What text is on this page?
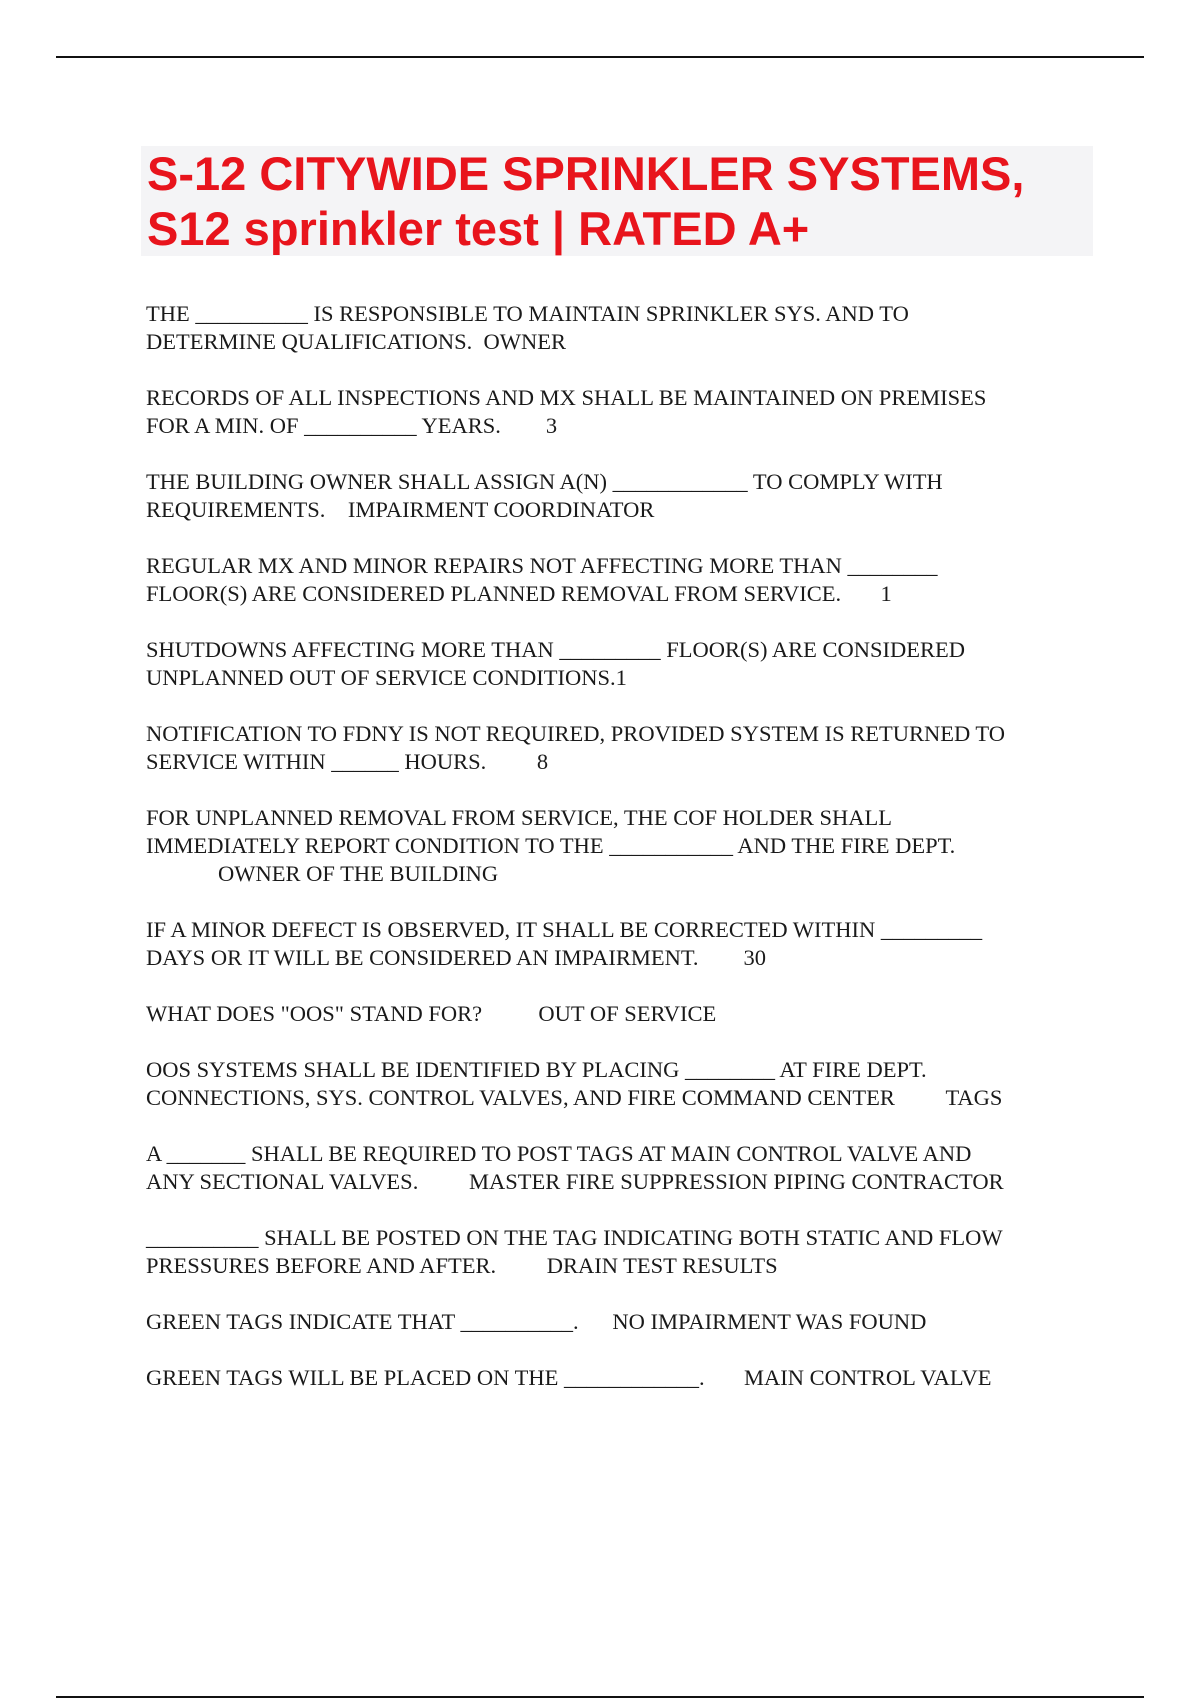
S-12 CITYWIDE SPRINKLER SYSTEMS,
S12 sprinkler test | RATED A+
THE __________ IS RESPONSIBLE TO MAINTAIN SPRINKLER SYS. AND TO
DETERMINE QUALIFICATIONS.  OWNER
RECORDS OF ALL INSPECTIONS AND MX SHALL BE MAINTAINED ON PREMISES
FOR A MIN. OF __________ YEARS.        3
THE BUILDING OWNER SHALL ASSIGN A(N) ____________ TO COMPLY WITH
REQUIREMENTS.    IMPAIRMENT COORDINATOR
REGULAR MX AND MINOR REPAIRS NOT AFFECTING MORE THAN ________
FLOOR(S) ARE CONSIDERED PLANNED REMOVAL FROM SERVICE.       1
SHUTDOWNS AFFECTING MORE THAN _________ FLOOR(S) ARE CONSIDERED
UNPLANNED OUT OF SERVICE CONDITIONS.1
NOTIFICATION TO FDNY IS NOT REQUIRED, PROVIDED SYSTEM IS RETURNED TO
SERVICE WITHIN ______ HOURS.         8
FOR UNPLANNED REMOVAL FROM SERVICE, THE COF HOLDER SHALL
IMMEDIATELY REPORT CONDITION TO THE ___________ AND THE FIRE DEPT.
OWNER OF THE BUILDING
IF A MINOR DEFECT IS OBSERVED, IT SHALL BE CORRECTED WITHIN _________
DAYS OR IT WILL BE CONSIDERED AN IMPAIRMENT.        30
WHAT DOES "OOS" STAND FOR?          OUT OF SERVICE
OOS SYSTEMS SHALL BE IDENTIFIED BY PLACING ________ AT FIRE DEPT.
CONNECTIONS, SYS. CONTROL VALVES, AND FIRE COMMAND CENTER         TAGS
A _______ SHALL BE REQUIRED TO POST TAGS AT MAIN CONTROL VALVE AND
ANY SECTIONAL VALVES.         MASTER FIRE SUPPRESSION PIPING CONTRACTOR
__________ SHALL BE POSTED ON THE TAG INDICATING BOTH STATIC AND FLOW
PRESSURES BEFORE AND AFTER.         DRAIN TEST RESULTS
GREEN TAGS INDICATE THAT __________.      NO IMPAIRMENT WAS FOUND
GREEN TAGS WILL BE PLACED ON THE ____________.       MAIN CONTROL VALVE
